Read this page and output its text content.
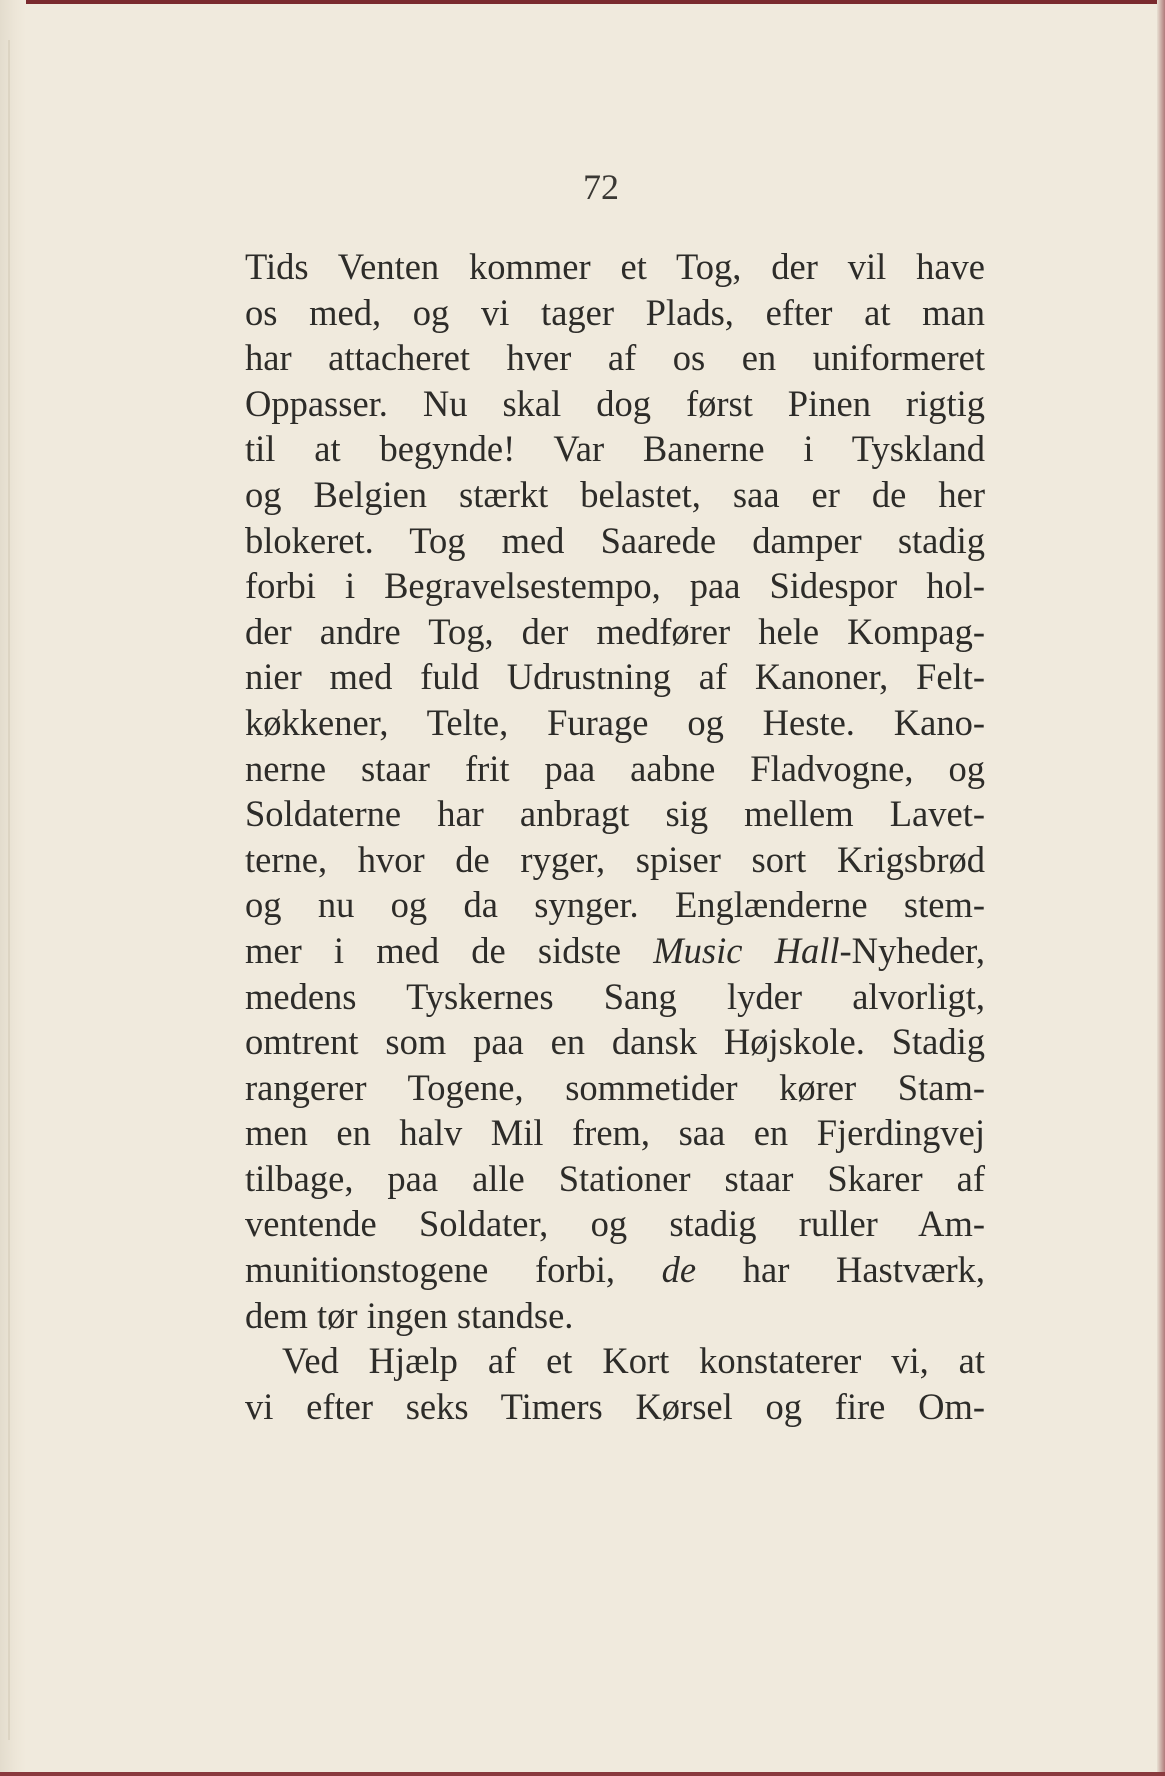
72
Tids Venten kommer et Tog, der vil have
os med, og vi tager Plads, efter at man
har attacheret hver af os en uniformeret
Oppasser. Nu skal dog først Pinen rigtig
til at begynde! Var Banerne i Tyskland
og Belgien stærkt belastet, saa er de her
blokeret. Tog med Saarede damper stadig
forbi i Begravelsestempo, paa Sidespor hol-
der andre Tog, der medfører hele Kompag-
nier med fuld Udrustning af Kanoner, Felt-
køkkener, Telte, Furage og Heste. Kano-
nerne staar frit paa aabne Fladvogne, og
Soldaterne har anbragt sig mellem Lavet-
terne, hvor de ryger, spiser sort Krigsbrød
og nu og da synger. Englænderne stem-
mer i med de sidste Music Hall-Nyheder,
medens Tyskernes Sang lyder alvorligt,
omtrent som paa en dansk Højskole. Stadig
rangerer Togene, sommetider kører Stam-
men en halv Mil frem, saa en Fjerdingvej
tilbage, paa alle Stationer staar Skarer af
ventende Soldater, og stadig ruller Am-
munitionstogene forbi, de har Hastværk,
dem tør ingen standse.
Ved Hjælp af et Kort konstaterer vi, at
vi efter seks Timers Kørsel og fire Om-
